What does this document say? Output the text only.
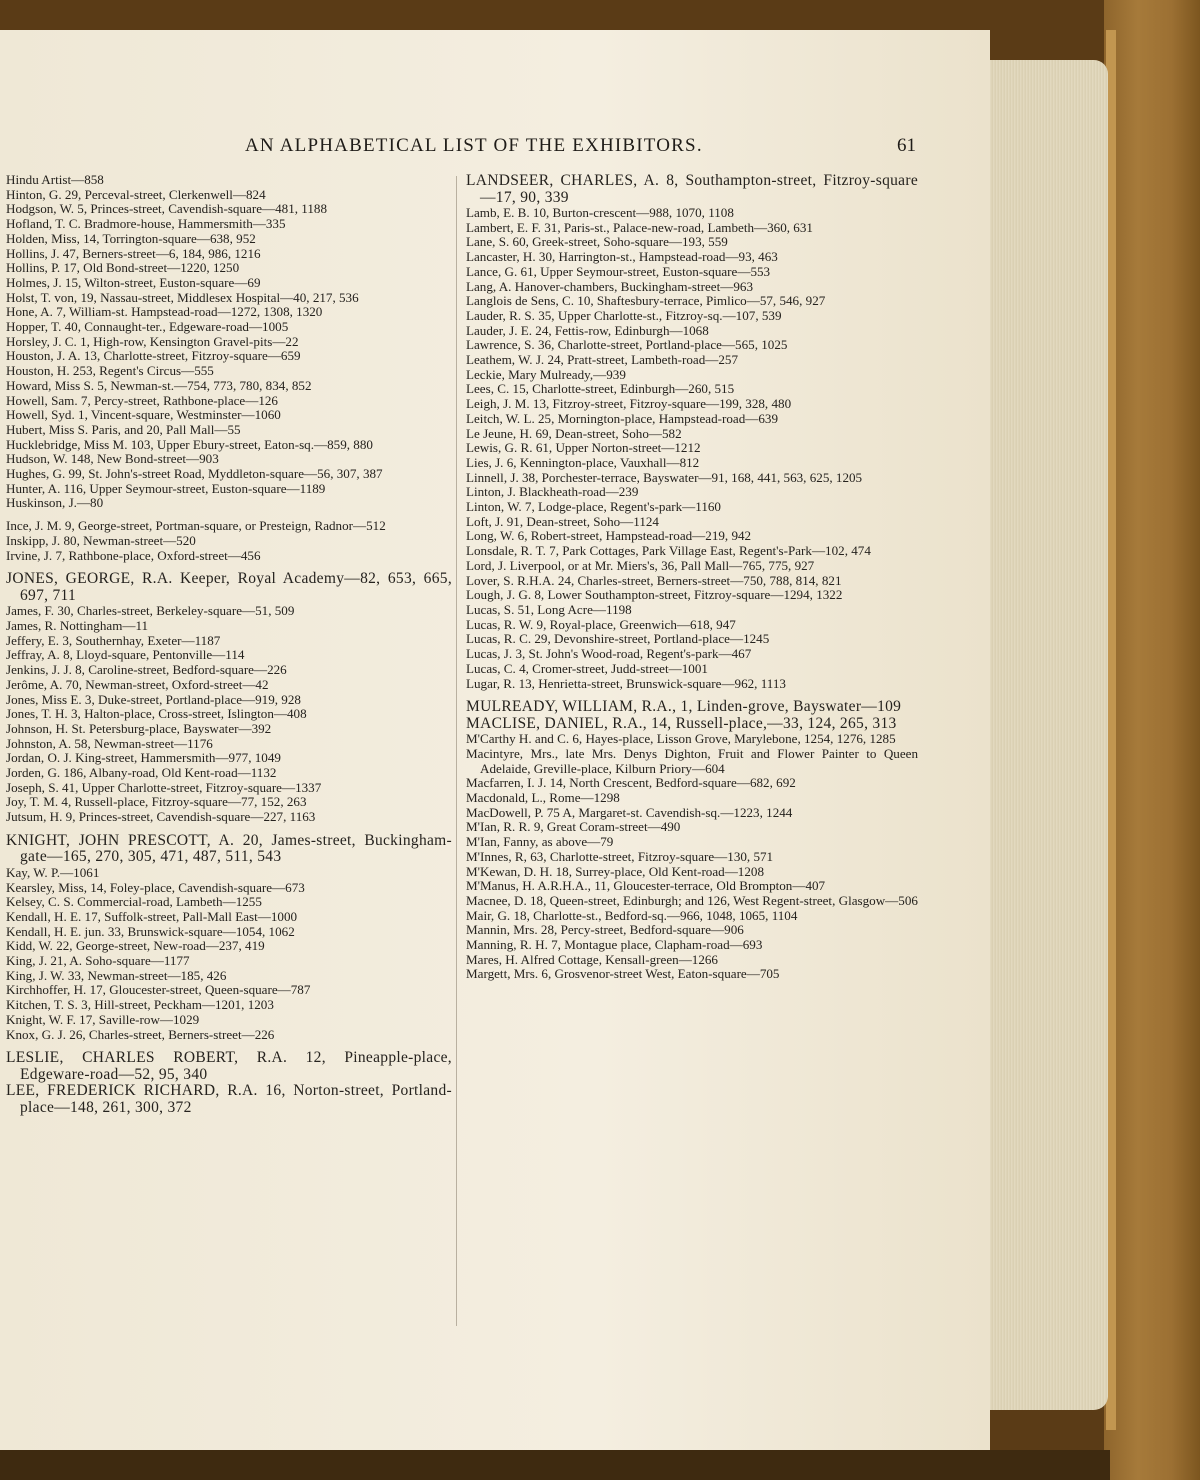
AN ALPHABETICAL LIST OF THE EXHIBITORS.	61
Hindu Artist—858
Hinton, G. 29, Perceval-street, Clerkenwell—824
Hodgson, W. 5, Princes-street, Cavendish-square—481, 1188
Hofland, T. C. Bradmore-house, Hammersmith—335
Holden, Miss, 14, Torrington-square—638, 952
Hollins, J. 47, Berners-street—6, 184, 986, 1216
Hollins, P. 17, Old Bond-street—1220, 1250
Holmes, J. 15, Wilton-street, Euston-square—69
Holst, T. von, 19, Nassau-street, Middlesex Hospital—40, 217, 536
Hone, A. 7, William-st. Hampstead-road—1272, 1308, 1320
Hopper, T. 40, Connaught-ter., Edgeware-road—1005
Horsley, J. C. 1, High-row, Kensington Gravel-pits—22
Houston, J. A. 13, Charlotte-street, Fitzroy-square—659
Houston, H. 253, Regent's Circus—555
Howard, Miss S. 5, Newman-st.—754, 773, 780, 834, 852
Howell, Sam. 7, Percy-street, Rathbone-place—126
Howell, Syd. 1, Vincent-square, Westminster—1060
Hubert, Miss S. Paris, and 20, Pall Mall—55
Hucklebridge, Miss M. 103, Upper Ebury-street, Eaton-sq.—859, 880
Hudson, W. 148, New Bond-street—903
Hughes, G. 99, St. John's-street Road, Myddleton-square—56, 307, 387
Hunter, A. 116, Upper Seymour-street, Euston-square—1189
Huskinson, J.—80
Ince, J. M. 9, George-street, Portman-square, or Presteign, Radnor—512
Inskipp, J. 80, Newman-street—520
Irvine, J. 7, Rathbone-place, Oxford-street—456
JONES, GEORGE, R.A. Keeper, Royal Academy—82, 653, 665, 697, 711
James, F. 30, Charles-street, Berkeley-square—51, 509
James, R. Nottingham—11
Jeffery, E. 3, Southernhay, Exeter—1187
Jeffray, A. 8, Lloyd-square, Pentonville—114
Jenkins, J. J. 8, Caroline-street, Bedford-square—226
Jerôme, A. 70, Newman-street, Oxford-street—42
Jones, Miss E. 3, Duke-street, Portland-place—919, 928
Jones, T. H. 3, Halton-place, Cross-street, Islington—408
Johnson, H. St. Petersburg-place, Bayswater—392
Johnston, A. 58, Newman-street—1176
Jordan, O. J. King-street, Hammersmith—977, 1049
Jorden, G. 186, Albany-road, Old Kent-road—1132
Joseph, S. 41, Upper Charlotte-street, Fitzroy-square—1337
Joy, T. M. 4, Russell-place, Fitzroy-square—77, 152, 263
Jutsum, H. 9, Princes-street, Cavendish-square—227, 1163
KNIGHT, JOHN PRESCOTT, A. 20, James-street, Buckingham-gate—165, 270, 305, 471, 487, 511, 543
Kay, W. P.—1061
Kearsley, Miss, 14, Foley-place, Cavendish-square—673
Kelsey, C. S. Commercial-road, Lambeth—1255
Kendall, H. E. 17, Suffolk-street, Pall-Mall East—1000
Kendall, H. E. jun. 33, Brunswick-square—1054, 1062
Kidd, W. 22, George-street, New-road—237, 419
King, J. 21, A. Soho-square—1177
King, J. W. 33, Newman-street—185, 426
Kirchhoffer, H. 17, Gloucester-street, Queen-square—787
Kitchen, T. S. 3, Hill-street, Peckham—1201, 1203
Knight, W. F. 17, Saville-row—1029
Knox, G. J. 26, Charles-street, Berners-street—226
LESLIE, CHARLES ROBERT, R.A. 12, Pineapple-place, Edgeware-road—52, 95, 340
LEE, FREDERICK RICHARD, R.A. 16, Norton-street, Portland-place—148, 261, 300, 372
LANDSEER, CHARLES, A. 8, Southampton-street, Fitzroy-square—17, 90, 339
Lamb, E. B. 10, Burton-crescent—988, 1070, 1108
Lambert, E. F. 31, Paris-st., Palace-new-road, Lambeth—360, 631
Lane, S. 60, Greek-street, Soho-square—193, 559
Lancaster, H. 30, Harrington-st., Hampstead-road—93, 463
Lance, G. 61, Upper Seymour-street, Euston-square—553
Lang, A. Hanover-chambers, Buckingham-street—963
Langlois de Sens, C. 10, Shaftesbury-terrace, Pimlico—57, 546, 927
Lauder, R. S. 35, Upper Charlotte-st., Fitzroy-sq.—107, 539
Lauder, J. E. 24, Fettis-row, Edinburgh—1068
Lawrence, S. 36, Charlotte-street, Portland-place—565, 1025
Leathem, W. J. 24, Pratt-street, Lambeth-road—257
Leckie, Mary Mulready,—939
Lees, C. 15, Charlotte-street, Edinburgh—260, 515
Leigh, J. M. 13, Fitzroy-street, Fitzroy-square—199, 328, 480
Leitch, W. L. 25, Mornington-place, Hampstead-road—639
Le Jeune, H. 69, Dean-street, Soho—582
Lewis, G. R. 61, Upper Norton-street—1212
Lies, J. 6, Kennington-place, Vauxhall—812
Linnell, J. 38, Porchester-terrace, Bayswater—91, 168, 441, 563, 625, 1205
Linton, J. Blackheath-road—239
Linton, W. 7, Lodge-place, Regent's-park—1160
Loft, J. 91, Dean-street, Soho—1124
Long, W. 6, Robert-street, Hampstead-road—219, 942
Lonsdale, R. T. 7, Park Cottages, Park Village East, Regent's-Park—102, 474
Lord, J. Liverpool, or at Mr. Miers's, 36, Pall Mall—765, 775, 927
Lover, S. R.H.A. 24, Charles-street, Berners-street—750, 788, 814, 821
Lough, J. G. 8, Lower Southampton-street, Fitzroy-square—1294, 1322
Lucas, S. 51, Long Acre—1198
Lucas, R. W. 9, Royal-place, Greenwich—618, 947
Lucas, R. C. 29, Devonshire-street, Portland-place—1245
Lucas, J. 3, St. John's Wood-road, Regent's-park—467
Lucas, C. 4, Cromer-street, Judd-street—1001
Lugar, R. 13, Henrietta-street, Brunswick-square—962, 1113
MULREADY, WILLIAM, R.A., 1, Linden-grove, Bayswater—109
MACLISE, DANIEL, R.A., 14, Russell-place,—33, 124, 265, 313
M'Carthy H. and C. 6, Hayes-place, Lisson Grove, Marylebone, 1254, 1276, 1285
Macintyre, Mrs., late Mrs. Denys Dighton, Fruit and Flower Painter to Queen Adelaide, Greville-place, Kilburn Priory—604
Macfarren, I. J. 14, North Crescent, Bedford-square—682, 692
Macdonald, L., Rome—1298
MacDowell, P. 75 A, Margaret-st. Cavendish-sq.—1223, 1244
M'Ian, R. R. 9, Great Coram-street—490
M'Ian, Fanny, as above—79
M'Innes, R, 63, Charlotte-street, Fitzroy-square—130, 571
M'Kewan, D. H. 18, Surrey-place, Old Kent-road—1208
M'Manus, H. A.R.H.A., 11, Gloucester-terrace, Old Brompton—407
Macnee, D. 18, Queen-street, Edinburgh; and 126, West Regent-street, Glasgow—506
Mair, G. 18, Charlotte-st., Bedford-sq.—966, 1048, 1065, 1104
Mannin, Mrs. 28, Percy-street, Bedford-square—906
Manning, R. H. 7, Montague place, Clapham-road—693
Mares, H. Alfred Cottage, Kensall-green—1266
Margett, Mrs. 6, Grosvenor-street West, Eaton-square—705
